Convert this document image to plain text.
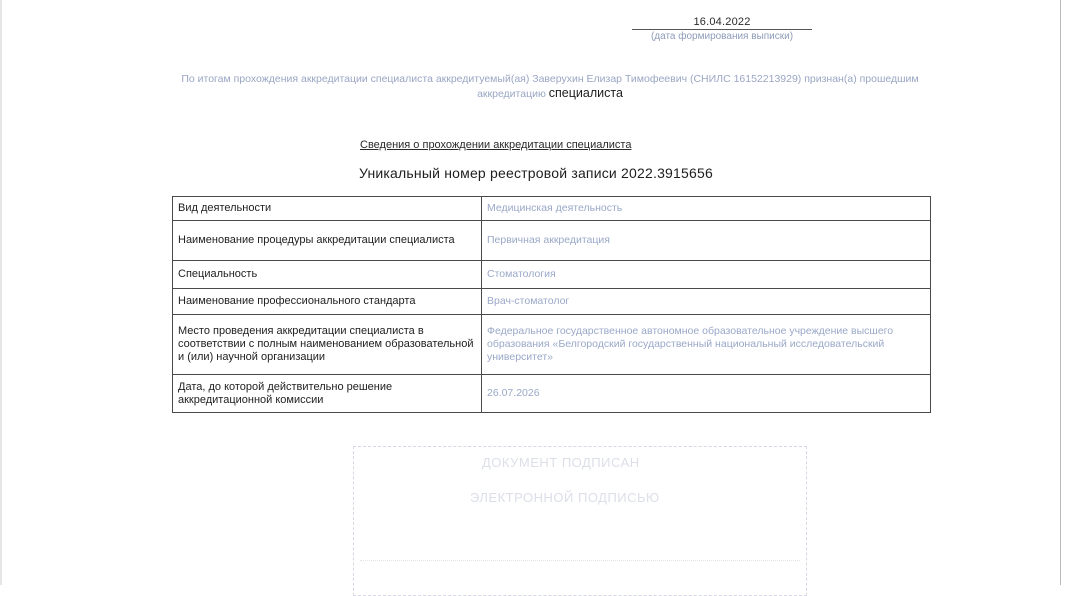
16.04.2022
(дата формирования выписки)
По итогам прохождения аккредитации специалиста аккредитуемый(ая) Заверухин Елизар Тимофеевич (СНИЛС 1615221392​9) признан(а) прошедшим аккредитацию специалиста
Сведения о прохождении аккредитации специалиста
Уникальный номер реестровой записи 2022.3915656
Вид деятельности	Медицинская деятельность
Наименование процедуры аккредитации специалиста	Первичная аккредитация
Специальность	Стоматология
Наименование профессионального стандарта	Врач-стоматолог
Место проведения аккредитации специалиста в соответствии с полным наименованием образовательной и (или) научной организации	Федеральное государственное автономное образовательное учреждение высшего образования «Белгородский государственный национальный исследовательский университет»
Дата, до которой действительно решение аккредитационной комиссии	26.07.2026
ДОКУМЕНТ ПОДПИСАН
ЭЛЕКТРОННОЙ ПОДПИСЬЮ
